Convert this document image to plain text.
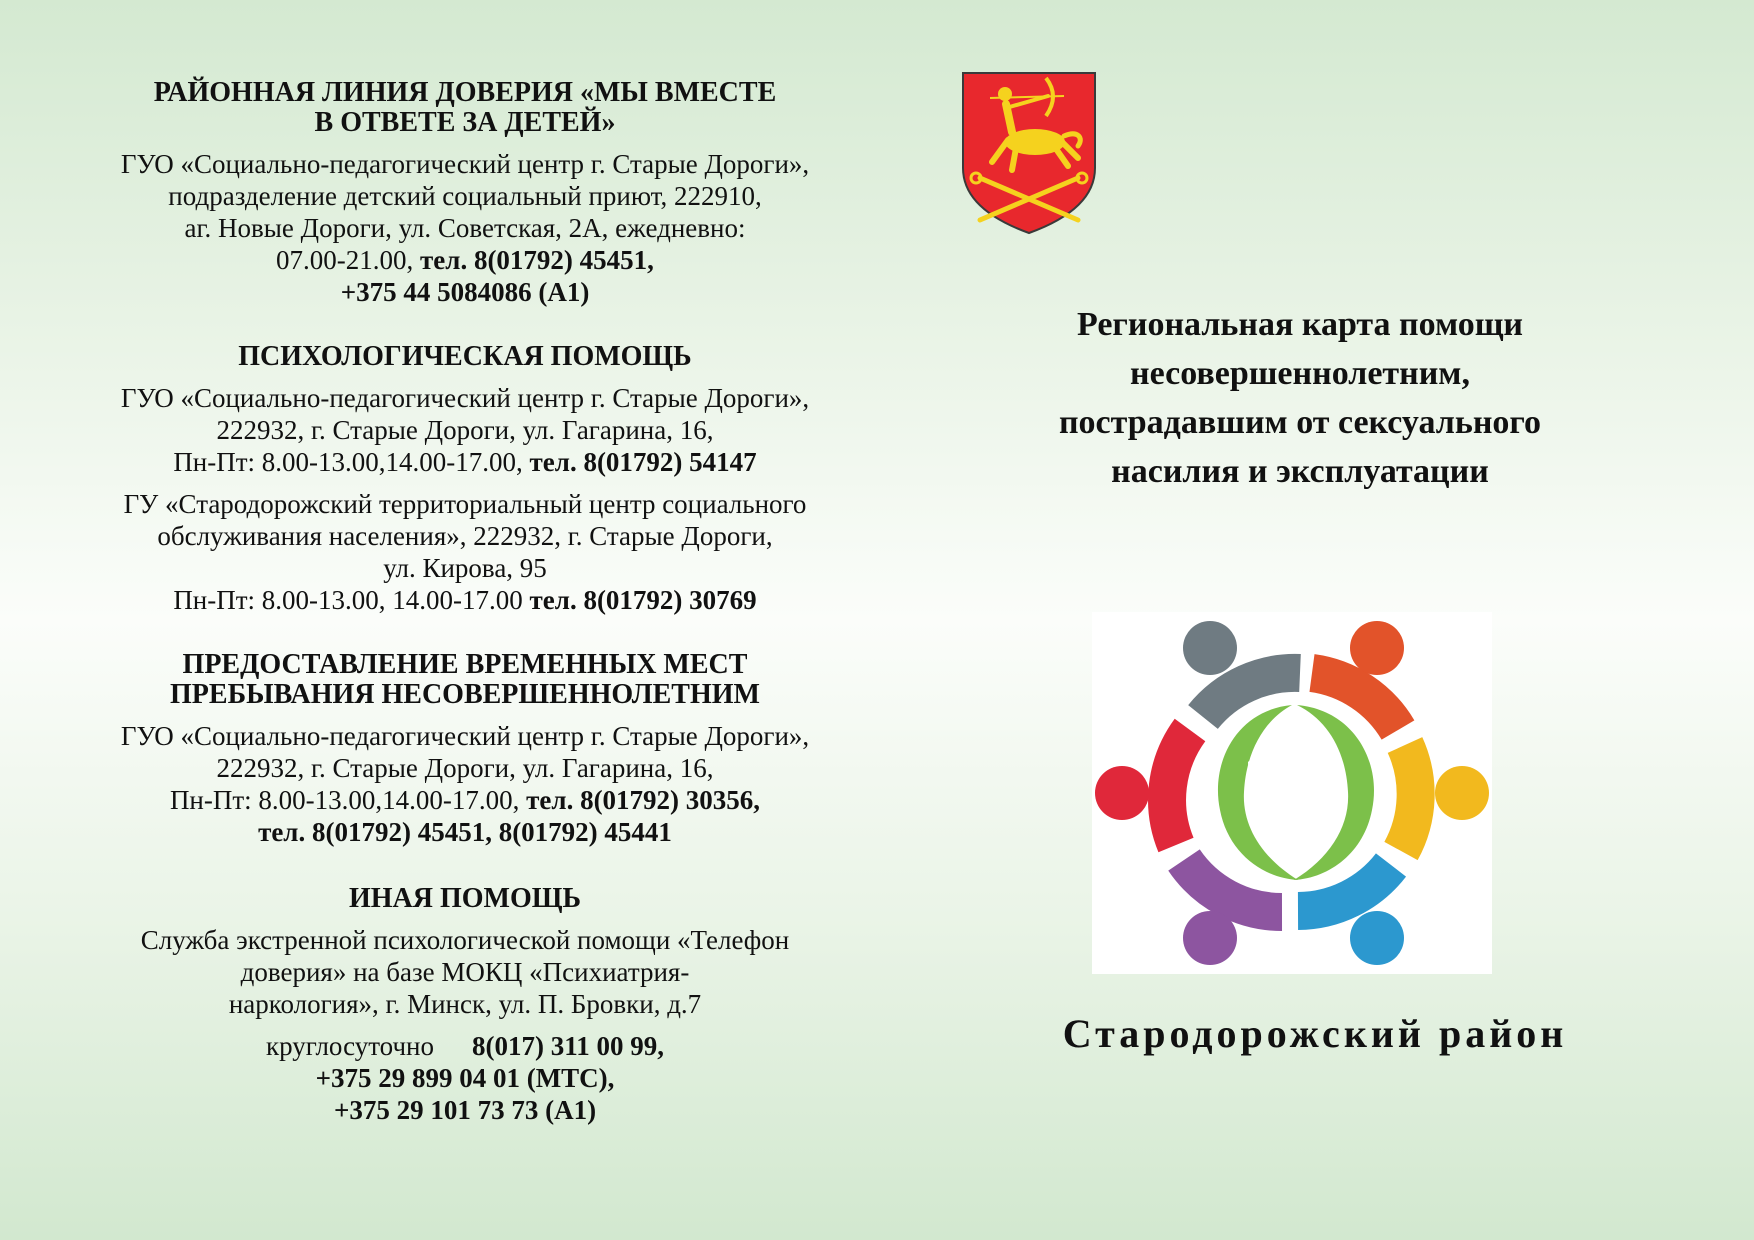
РАЙОННАЯ ЛИНИЯ ДОВЕРИЯ «МЫ ВМЕСТЕ
В ОТВЕТЕ ЗА ДЕТЕЙ»

ГУО «Социально-педагогический центр г. Старые Дороги»,
подразделение детский социальный приют, 222910,
аг. Новые Дороги, ул. Советская, 2А, ежедневно:
07.00-21.00, тел. 8(01792) 45451,
+375 44 5084086 (А1)

ПСИХОЛОГИЧЕСКАЯ ПОМОЩЬ

ГУО «Социально-педагогический центр г. Старые Дороги»,
222932, г. Старые Дороги, ул. Гагарина, 16,
Пн-Пт: 8.00-13.00,14.00-17.00, тел. 8(01792) 54147

ГУ «Стародорожский территориальный центр социального
обслуживания населения», 222932, г. Старые Дороги,
ул. Кирова, 95
Пн-Пт: 8.00-13.00, 14.00-17.00 тел. 8(01792) 30769

ПРЕДОСТАВЛЕНИЕ ВРЕМЕННЫХ МЕСТ
ПРЕБЫВАНИЯ НЕСОВЕРШЕННОЛЕТНИМ

ГУО «Социально-педагогический центр г. Старые Дороги»,
222932, г. Старые Дороги, ул. Гагарина, 16,
Пн-Пт: 8.00-13.00,14.00-17.00, тел. 8(01792) 30356,
тел. 8(01792) 45451, 8(01792) 45441

ИНАЯ ПОМОЩЬ

Служба экстренной психологической помощи «Телефон
доверия» на базе МОКЦ «Психиатрия-
наркология», г. Минск, ул. П. Бровки, д.7

круглосуточно 8(017) 311 00 99,
+375 29 899 04 01 (МТС),
+375 29 101 73 73 (А1)

Региональная карта помощи
несовершеннолетним,
пострадавшим от сексуального
насилия и эксплуатации
Стародорожский район
